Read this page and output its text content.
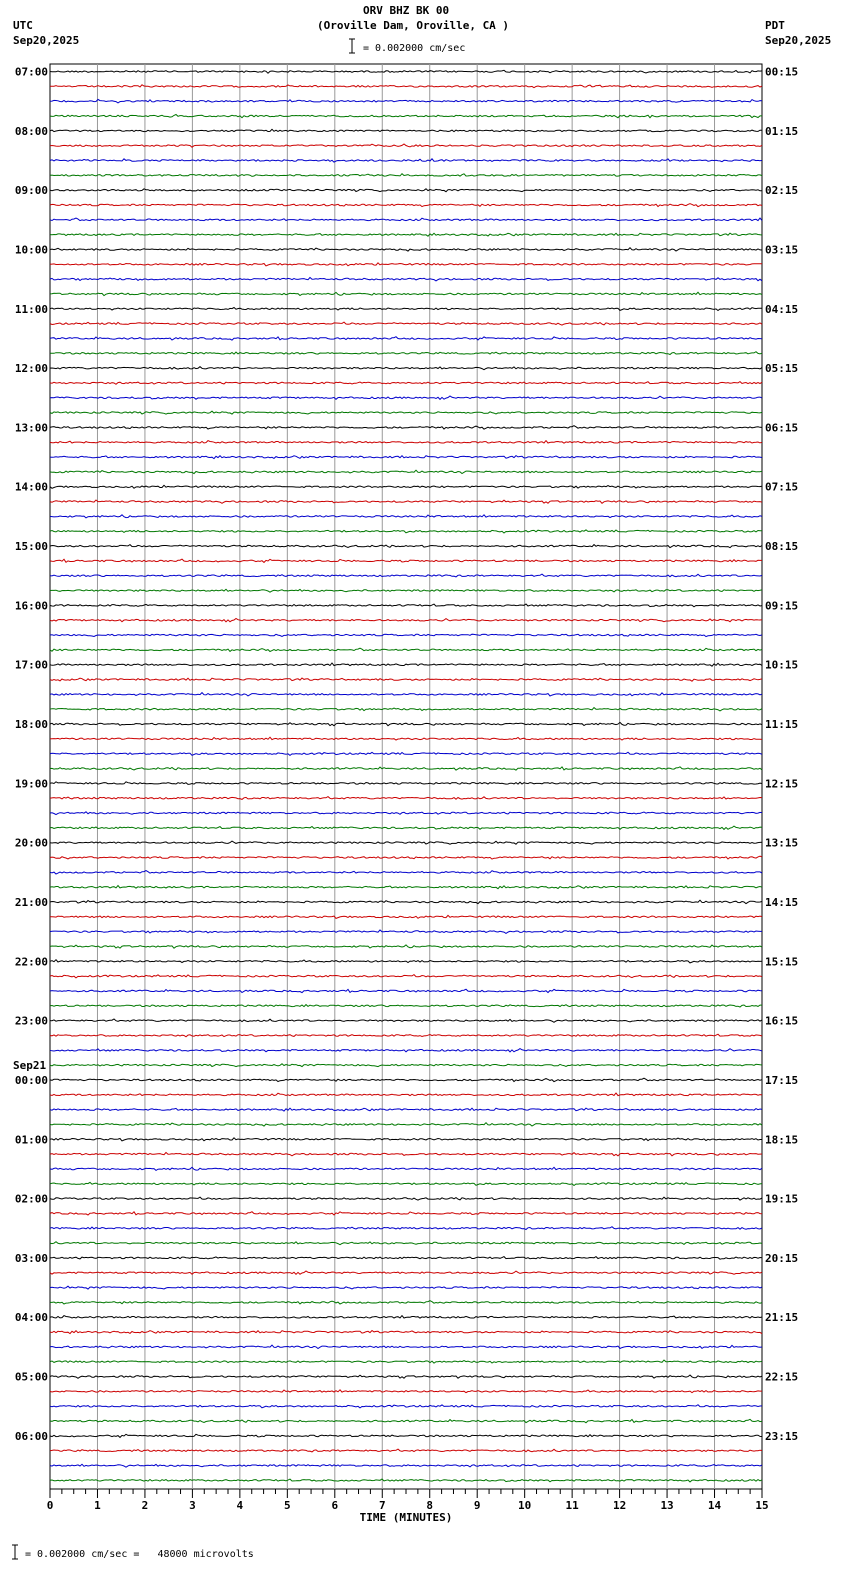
ORV BHZ BK 00
(Oroville Dam, Oroville, CA )
UTC
Sep20,2025
PDT
Sep20,2025
= 0.002000 cm/sec
= 0.002000 cm/sec =   48000 microvolts
07:00
08:00
09:00
10:00
11:00
12:00
13:00
14:00
15:00
16:00
17:00
18:00
19:00
20:00
21:00
22:00
23:00
00:00
Sep21
01:00
02:00
03:00
04:00
05:00
06:00
00:15
01:15
02:15
03:15
04:15
05:15
06:15
07:15
08:15
09:15
10:15
11:15
12:15
13:15
14:15
15:15
16:15
17:15
18:15
19:15
20:15
21:15
22:15
23:15
0	1	2	3	4	5	6	7	8	9	10	11	12	13	14	15
TIME (MINUTES)
